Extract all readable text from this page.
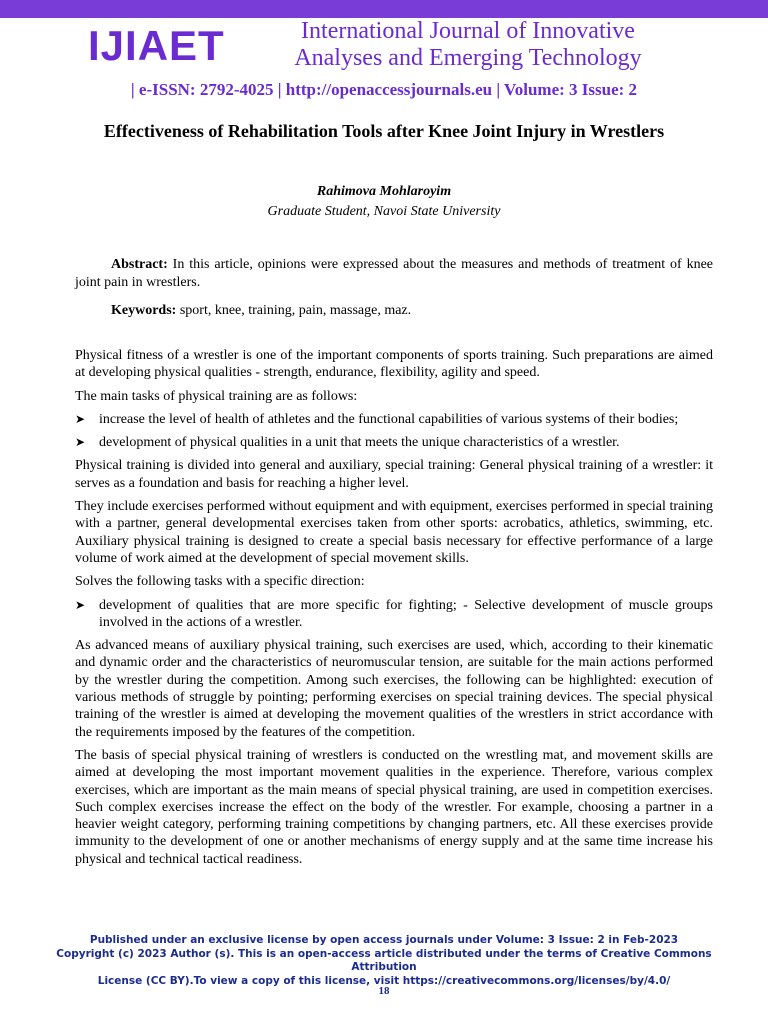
IJIAET	International Journal of Innovative
Analyses and Emerging Technology
| e-ISSN: 2792-4025 | http://openaccessjournals.eu | Volume: 3 Issue: 2
Effectiveness of Rehabilitation Tools after Knee Joint Injury in Wrestlers
Rahimova Mohlaroyim
Graduate Student, Navoi State University
Abstract: In this article, opinions were expressed about the measures and methods of treatment of knee joint pain in wrestlers.
Keywords: sport, knee, training, pain, massage, maz.

Physical fitness of a wrestler is one of the important components of sports training. Such preparations are aimed at developing physical qualities - strength, endurance, flexibility, agility and speed.

The main tasks of physical training are as follows:

➤ increase the level of health of athletes and the functional capabilities of various systems of their bodies;
➤ development of physical qualities in a unit that meets the unique characteristics of a wrestler.

Physical training is divided into general and auxiliary, special training: General physical training of a wrestler: it serves as a foundation and basis for reaching a higher level.

They include exercises performed without equipment and with equipment, exercises performed in special training with a partner, general developmental exercises taken from other sports: acrobatics, athletics, swimming, etc. Auxiliary physical training is designed to create a special basis necessary for effective performance of a large volume of work aimed at the development of special movement skills.

Solves the following tasks with a specific direction:

➤ development of qualities that are more specific for fighting; - Selective development of muscle groups involved in the actions of a wrestler.

As advanced means of auxiliary physical training, such exercises are used, which, according to their kinematic and dynamic order and the characteristics of neuromuscular tension, are suitable for the main actions performed by the wrestler during the competition. Among such exercises, the following can be highlighted: execution of various methods of struggle by pointing; performing exercises on special training devices. The special physical training of the wrestler is aimed at developing the movement qualities of the wrestlers in strict accordance with the requirements imposed by the features of the competition.

The basis of special physical training of wrestlers is conducted on the wrestling mat, and movement skills are aimed at developing the most important movement qualities in the experience. Therefore, various complex exercises, which are important as the main means of special physical training, are used in competition exercises. Such complex exercises increase the effect on the body of the wrestler. For example, choosing a partner in a heavier weight category, performing training competitions by changing partners, etc. All these exercises provide immunity to the development of one or another mechanisms of energy supply and at the same time increase his physical and technical tactical readiness.

Published under an exclusive license by open access journals under Volume: 3 Issue: 2 in Feb-2023
Copyright (c) 2023 Author (s). This is an open-access article distributed under the terms of Creative Commons Attribution
License (CC BY).To view a copy of this license, visit https://creativecommons.org/licenses/by/4.0/
18
